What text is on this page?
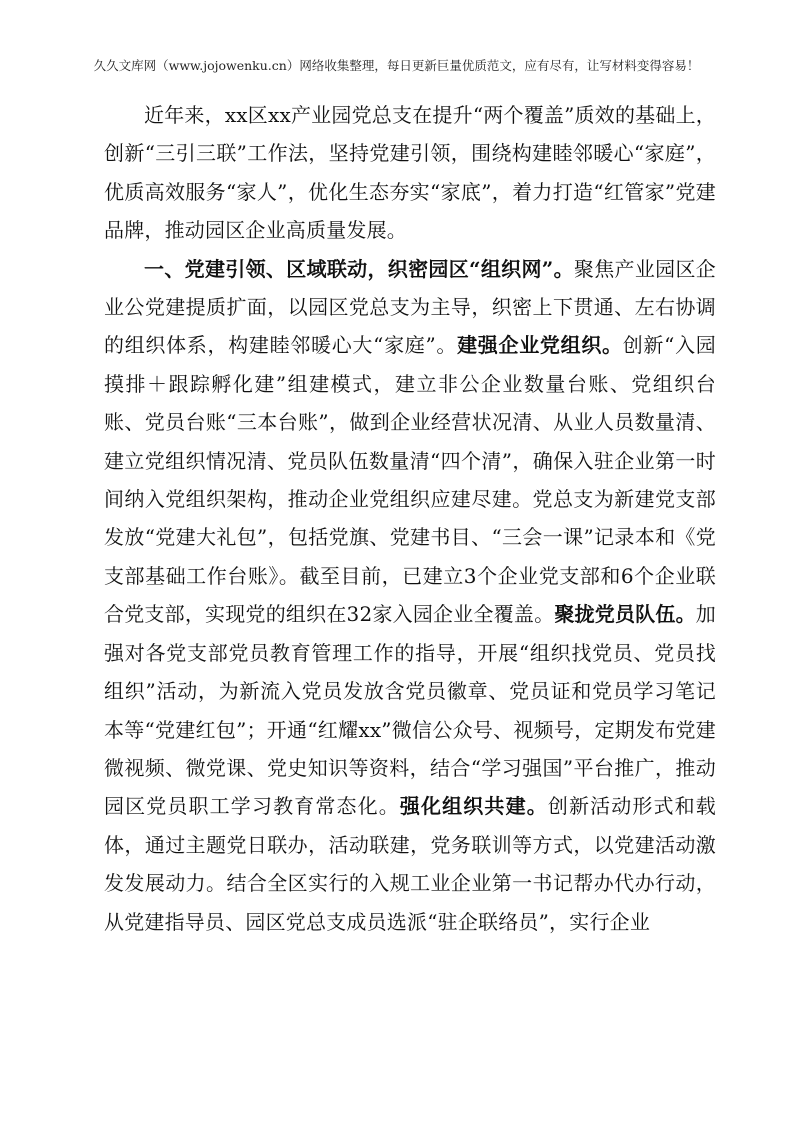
久久文库网（www.jojowenku.cn）网络收集整理，每日更新巨量优质范文，应有尽有，让写材料变得容易！

近年来，xx区xx产业园党总支在提升“两个覆盖”质效的基础上，创新“三引三联”工作法，坚持党建引领，围绕构建睦邻暖心“家庭”，优质高效服务“家人”，优化生态夯实“家底”，着力打造“红管家”党建品牌，推动园区企业高质量发展。

一、党建引领、区域联动，织密园区“组织网”。聚焦产业园区企业公党建提质扩面，以园区党总支为主导，织密上下贯通、左右协调的组织体系，构建睦邻暖心大“家庭”。建强企业党组织。创新“入园摸排＋跟踪孵化建”组建模式，建立非公企业数量台账、党组织台账、党员台账“三本台账”，做到企业经营状况清、从业人员数量清、建立党组织情况清、党员队伍数量清“四个清”，确保入驻企业第一时间纳入党组织架构，推动企业党组织应建尽建。党总支为新建党支部发放“党建大礼包”，包括党旗、党建书目、“三会一课”记录本和《党支部基础工作台账》。截至目前，已建立3个企业党支部和6个企业联合党支部，实现党的组织在32家入园企业全覆盖。聚拢党员队伍。加强对各党支部党员教育管理工作的指导，开展“组织找党员、党员找组织”活动，为新流入党员发放含党员徽章、党员证和党员学习笔记本等“党建红包”；开通“红耀xx”微信公众号、视频号，定期发布党建微视频、微党课、党史知识等资料，结合“学习强国”平台推广，推动园区党员职工学习教育常态化。强化组织共建。创新活动形式和载体，通过主题党日联办，活动联建，党务联训等方式，以党建活动激发发展动力。结合全区实行的入规工业企业第一书记帮办代办行动，从党建指导员、园区党总支成员选派“驻企联络员”，实行企业
